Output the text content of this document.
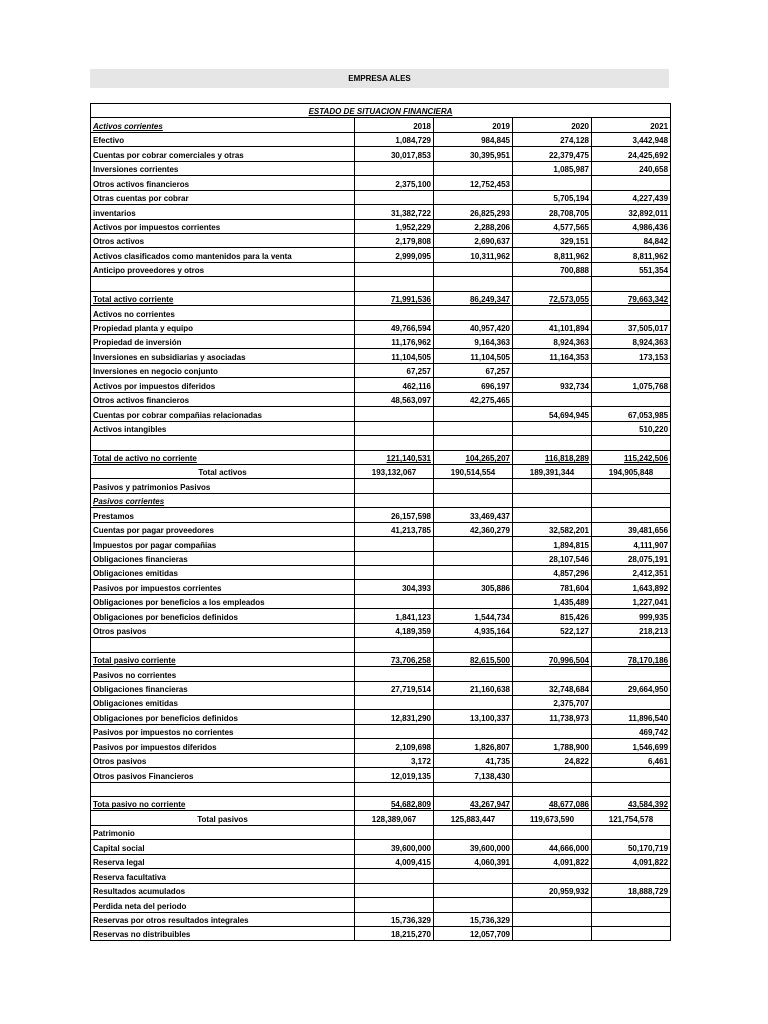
EMPRESA ALES
ESTADO DE SITUACION FINANCIERA				
Activos corrientes	2018	2019	2020	2021
Efectivo	1,084,729	984,845	274,128	3,442,948
Cuentas por cobrar comerciales y otras	30,017,853	30,395,951	22,379,475	24,425,692
Inversiones corrientes			1,085,987	240,658
Otros activos financieros	2,375,100	12,752,453		
Otras cuentas por cobrar			5,705,194	4,227,439
inventarios	31,382,722	26,825,293	28,708,705	32,892,011
Activos por impuestos corrientes	1,952,229	2,288,206	4,577,565	4,986,436
Otros activos	2,179,808	2,690,637	329,151	84,842
Activos clasificados como mantenidos para la venta	2,999,095	10,311,962	8,811,962	8,811,962
Anticipo proveedores y otros			700,888	551,354

Total activo corriente	71,991,536	86,249,347	72,573,055	79,663,342
Activos no corrientes				
Propiedad planta y equipo	49,766,594	40,957,420	41,101,894	37,505,017
Propiedad de inversión	11,176,962	9,164,363	8,924,363	8,924,363
Inversiones en subsidiarias y asociadas	11,104,505	11,104,505	11,164,353	173,153
Inversiones en negocio conjunto	67,257	67,257		
Activos por impuestos diferidos	462,116	696,197	932,734	1,075,768
Otros activos financieros	48,563,097	42,275,465		
Cuentas por cobrar compañias relacionadas			54,694,945	67,053,985
Activos intangibles				510,220

Total de activo no corriente	121,140,531	104,265,207	116,818,289	115,242,506
Total activos	193,132,067	190,514,554	189,391,344	194,905,848
Pasivos y patrimonios Pasivos				
Pasivos corrientes				
Prestamos	26,157,598	33,469,437		
Cuentas por pagar proveedores	41,213,785	42,360,279	32,582,201	39,481,656
Impuestos por pagar compañias			1,894,815	4,111,907
Obligaciones financieras			28,107,546	28,075,191
Obligaciones emitidas			4,857,296	2,412,351
Pasivos por impuestos corrientes	304,393	305,886	781,604	1,643,892
Obligaciones por beneficios a los empleados			1,435,489	1,227,041
Obligaciones por beneficios definidos	1,841,123	1,544,734	815,426	999,935
Otros pasivos	4,189,359	4,935,164	522,127	218,213

Total pasivo corriente	73,706,258	82,615,500	70,996,504	78,170,186
Pasivos no corrientes				
Obligaciones financieras	27,719,514	21,160,638	32,748,684	29,664,950
Obligaciones emitidas			2,375,707	
Obligaciones por beneficios definidos	12,831,290	13,100,337	11,738,973	11,896,540
Pasivos por impuestos no corrientes				469,742
Pasivos por impuestos diferidos	2,109,698	1,826,807	1,788,900	1,546,699
Otros pasivos	3,172	41,735	24,822	6,461
Otros pasivos Financieros	12,019,135	7,138,430		

Tota pasivo no corriente	54,682,809	43,267,947	48,677,086	43,584,392
Total pasivos	128,389,067	125,883,447	119,673,590	121,754,578
Patrimonio				
Capital social	39,600,000	39,600,000	44,666,000	50,170,719
Reserva legal	4,009,415	4,060,391	4,091,822	4,091,822
Reserva facultativa				
Resultados acumulados			20,959,932	18,888,729
Perdida neta del periodo				
Reservas por otros resultados integrales	15,736,329	15,736,329		
Reservas no distribuibles	18,215,270	12,057,709		
